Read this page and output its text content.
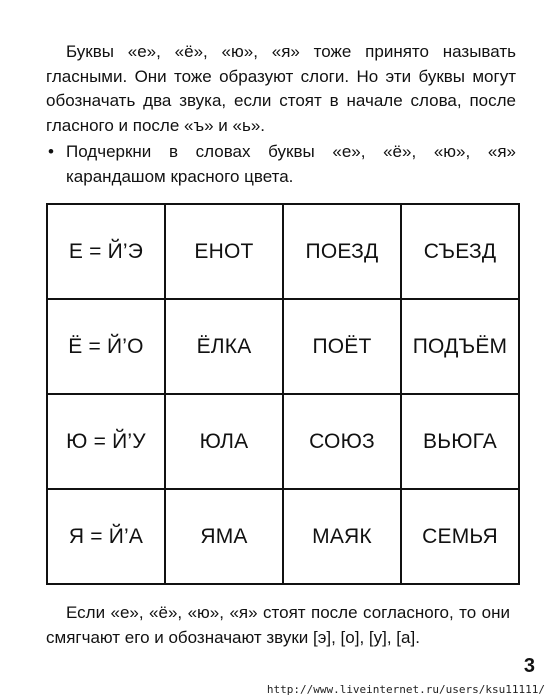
Буквы «е», «ё», «ю», «я» тоже принято называть гласными. Они тоже образуют слоги. Но эти буквы могут обозначать два звука, если стоят в начале слова, после гласного и после «ъ» и «ь».

• Подчеркни в словах буквы «е», «ё», «ю», «я» карандашом красного цвета.

Е = Й’Э	ЕНОТ	ПОЕЗД	СЪЕЗД
Ё = Й’О	ЁЛКА	ПОЁТ	ПОДЪЁМ
Ю = Й’У	ЮЛА	СОЮЗ	ВЬЮГА
Я = Й’А	ЯМА	МАЯК	СЕМЬЯ

Если «е», «ё», «ю», «я» стоят после согласного, то они смягчают его и обозначают звуки [э], [о], [у], [а].

3
http://www.liveinternet.ru/users/ksu11111/
